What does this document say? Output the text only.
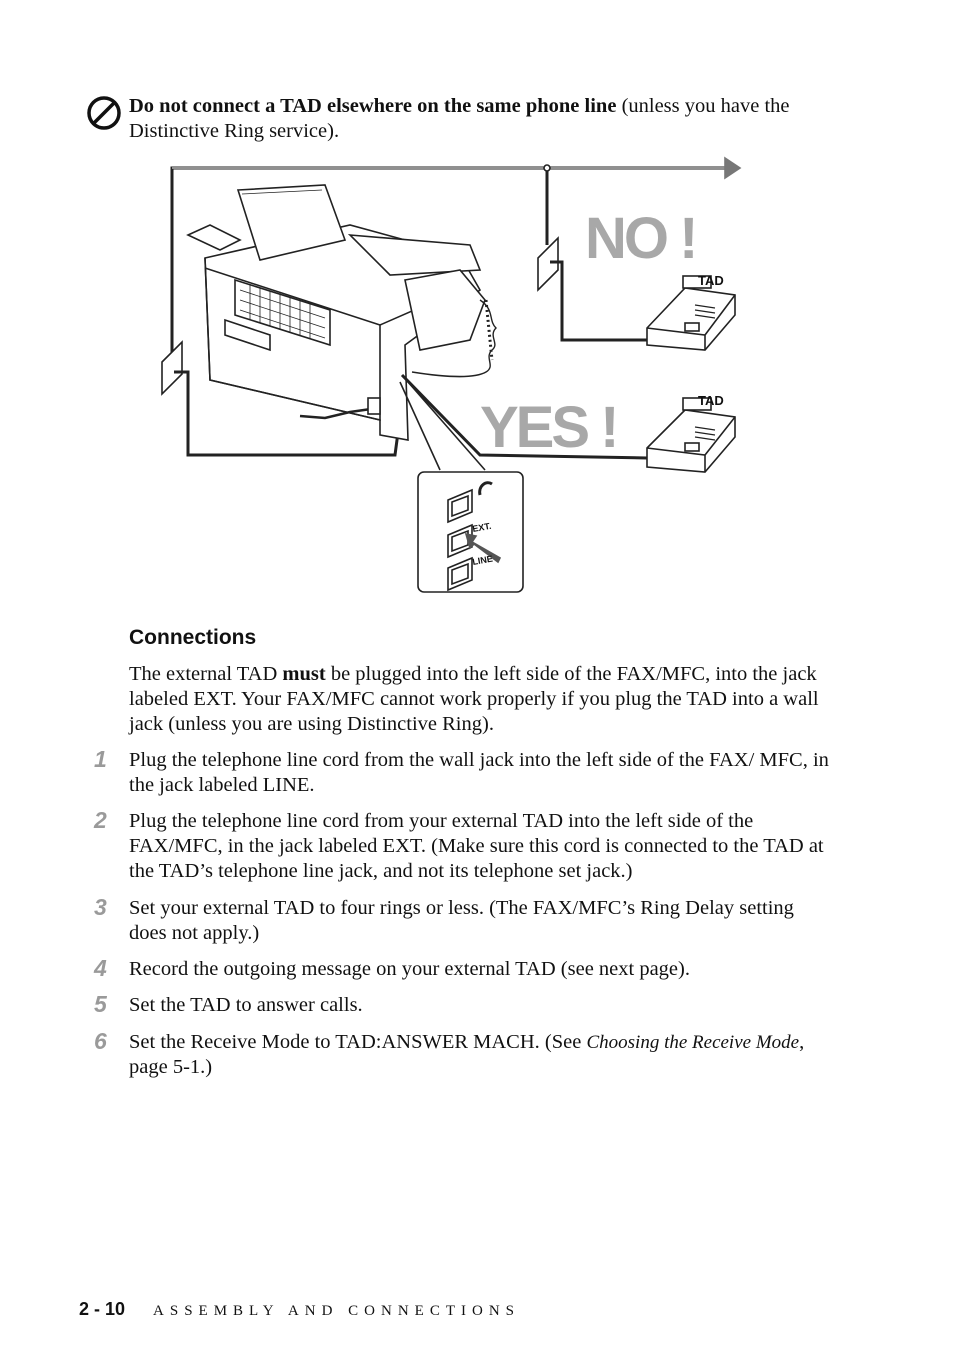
Do not connect a TAD elsewhere on the same phone line (unless you have the Distinctive Ring service).
NO !
YES !
TAD
TAD
EXT.
LINE
Connections
The external TAD must be plugged into the left side of the FAX/MFC, into the jack labeled EXT. Your FAX/MFC cannot work properly if you plug the TAD into a wall jack (unless you are using Distinctive Ring).
1	Plug the telephone line cord from the wall jack into the left side of the FAX/ MFC, in the jack labeled LINE.
2	Plug the telephone line cord from your external TAD into the left side of the FAX/MFC, in the jack labeled EXT. (Make sure this cord is connected to the TAD at the TAD’s telephone line jack, and not its telephone set jack.)
3	Set your external TAD to four rings or less. (The FAX/MFC’s Ring Delay setting does not apply.)
4	Record the outgoing message on your external TAD (see next page).
5	Set the TAD to answer calls.
6	Set the Receive Mode to TAD:ANSWER MACH. (See Choosing the Receive Mode, page 5-1.)
2 - 10 ASSEMBLY AND CONNECTIONS
